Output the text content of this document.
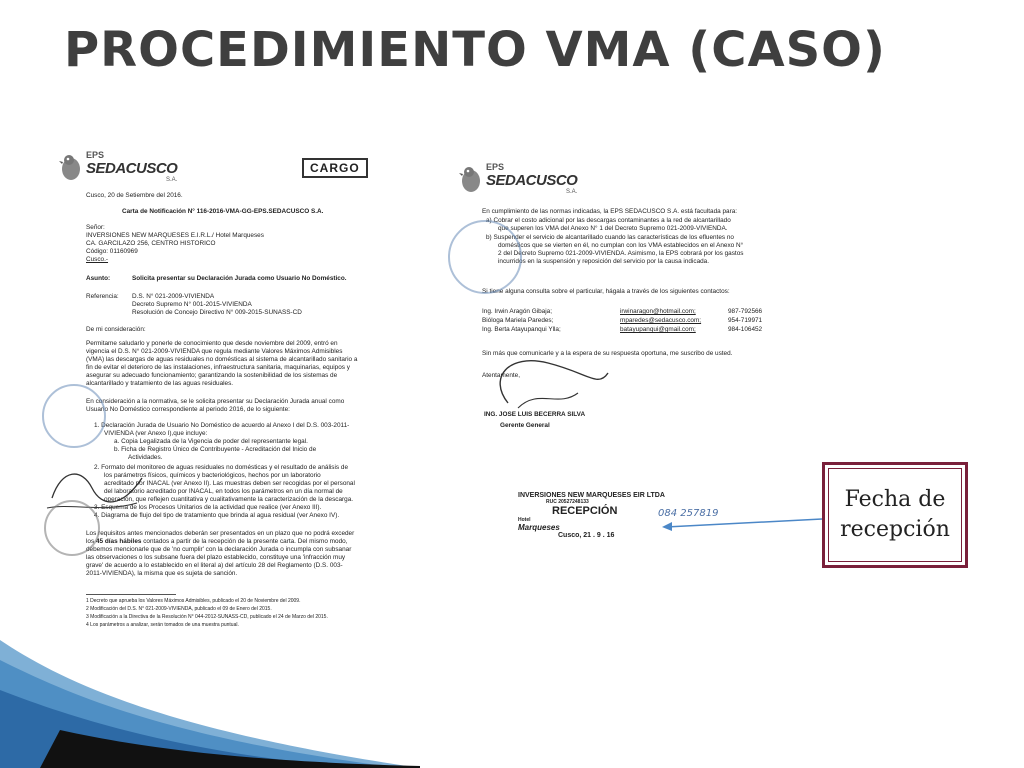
PROCEDIMIENTO VMA (CASO)
EPS
SEDACUSCO
S.A.
CARGO
Cusco, 20 de Setiembre del 2016.
Carta de Notificación N° 116-2016-VMA-GG-EPS.SEDACUSCO S.A.
Señor:
INVERSIONES NEW MARQUESES E.I.R.L./ Hotel Marqueses
CA. GARCILAZO 256, CENTRO HISTORICO
Código: 01160969
Cusco.-
Asunto:	Solicita presentar su Declaración Jurada como Usuario No Doméstico.
Referencia: D.S. N° 021-2009-VIVIENDA
Decreto Supremo N° 001-2015-VIVIENDA
Resolución de Concejo Directivo N° 009-2015-SUNASS-CD
De mi consideración:
Permitame saludarlo y ponerle de conocimiento que desde noviembre del 2009, entró en
vigencia el D.S. N° 021-2009-VIVIENDA que regula mediante Valores Máximos Admisibles
(VMA) las descargas de aguas residuales no domésticas al sistema de alcantarillado sanitario a
fin de evitar el deterioro de las instalaciones, infraestructura sanitaria, maquinarias, equipos y
asegurar su adecuado funcionamiento; garantizando la sostenibilidad de los sistemas de
alcantarillado y tratamiento de las aguas residuales.
En consideración a la normativa, se le solicita presentar su Declaración Jurada anual como
Usuario No Doméstico correspondiente al periodo 2016, de lo siguiente:
1. Declaración Jurada de Usuario No Doméstico de acuerdo al Anexo I del D.S. 003-2011-
VIVIENDA (ver Anexo I),que incluye:
a. Copia Legalizada de la Vigencia de poder del representante legal.
b. Ficha de Registro Único de Contribuyente - Acreditación del Inicio de
Actividades.
2. Formato del monitoreo de aguas residuales no domésticas y el resultado de análisis de
los parámetros físicos, químicos y bacteriológicos, hechos por un laboratorio
acreditado por INACAL (ver Anexo II). Las muestras deben ser recogidas por el personal
del laboratorio acreditado por INACAL, en todos los parámetros en un día normal de
operación, que reflejen cuantitativa y cualitativamente la caracterización de la descarga.
3. Esquema de los Procesos Unitarios de la actividad que realice (ver Anexo III).
4. Diagrama de flujo del tipo de tratamiento que brinda al agua residual (ver Anexo IV).
Los requisitos antes mencionados deberán ser presentados en un plazo que no podrá exceder
los 45 días hábiles contados a partir de la recepción de la presente carta. Del mismo modo,
debemos mencionarle que de 'no cumplir' con la declaración Jurada o incumpla con subsanar
las observaciones o los subsane fuera del plazo establecido, constituye una 'infracción muy
grave' de acuerdo a lo establecido en el literal a) del artículo 28 del Reglamento (D.S. 003-
2011-VIVIENDA), la misma que es sujeta de sanción.
1 Decreto que aprueba los Valores Máximos Admisibles, publicado el 20 de Noviembre del 2009.
2 Modificación del D.S. N° 021-2009-VIVIENDA, publicado el 09 de Enero del 2015.
3 Modificación a la Directiva de la Resolución N° 044-2012-SUNASS-CD, publicado el 24 de Marzo del 2015.
4 Los parámetros a analizar, serán tomados de una muestra puntual.
EPS
SEDACUSCO
S.A.
En cumplimiento de las normas indicadas, la EPS SEDACUSCO S.A. está facultada para:
a) Cobrar el costo adicional por las descargas contaminantes a la red de alcantarillado
que superen los VMA del Anexo N° 1 del Decreto Supremo 021-2009-VIVIENDA.
b) Suspender el servicio de alcantarillado cuando las características de los efluentes no
domésticos que se vierten en él, no cumplan con los VMA establecidos en el Anexo N°
2 del Decreto Supremo 021-2009-VIVIENDA. Asimismo, la EPS cobrará por los gastos
incurridos en la suspensión y reposición del servicio por la causa indicada.
Si tiene alguna consulta sobre el particular, hágala a través de los siguientes contactos:
Ing. Irwin Aragón Gibaja;	irwinaragon@hotmail.com;	987-792566
Bióloga Mariela Paredes;	mparedes@sedacusco.com;	954-719971
Ing. Berta Atayupanqui Ylla;	batayupanqui@gmail.com;	984-106452
Sin más que comunicarle y a la espera de su respuesta oportuna, me suscribo de usted.
Atentamente,
ING. JOSE LUIS BECERRA SILVA
Gerente General
INVERSIONES NEW MARQUESES EIR LTDA
RUC 20527248133
RECEPCIÓN
Hotel
Marqueses
Cusco, 21 . 9 . 16
084 257819
Fecha de
recepción
